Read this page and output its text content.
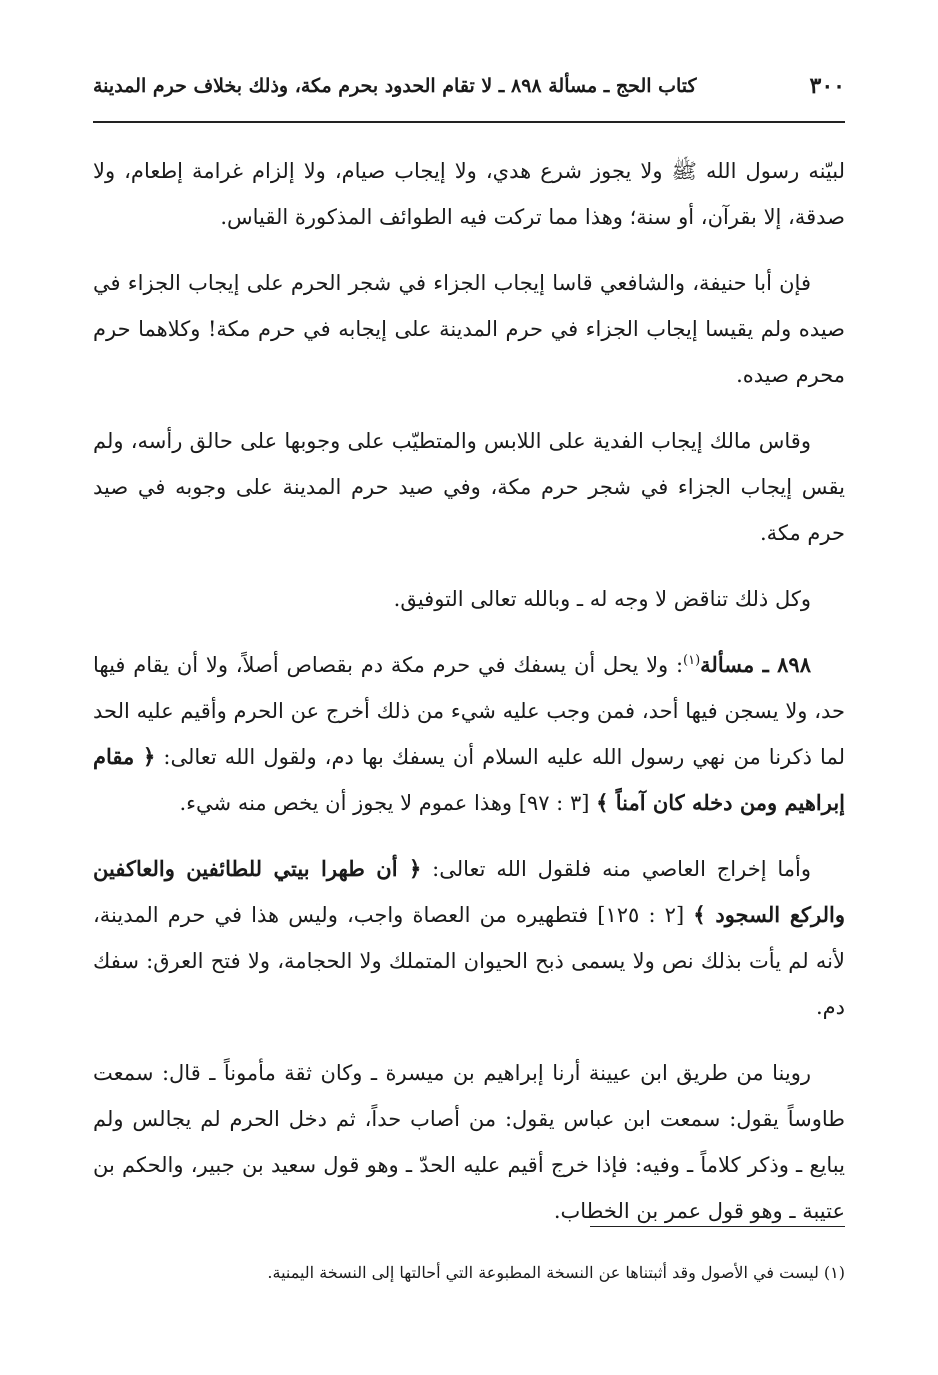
٣٠٠
كتاب الحج ـ مسألة ٨٩٨ ـ لا تقام الحدود بحرم مكة، وذلك بخلاف حرم المدينة

لبيّنه رسول الله ﷺ ولا يجوز شرع هدي، ولا إيجاب صيام، ولا إلزام غرامة إطعام، ولا صدقة، إلا بقرآن، أو سنة؛ وهذا مما تركت فيه الطوائف المذكورة القياس.

فإن أبا حنيفة، والشافعي قاسا إيجاب الجزاء في شجر الحرم على إيجاب الجزاء في صيده ولم يقيسا إيجاب الجزاء في حرم المدينة على إيجابه في حرم مكة! وكلاهما حرم محرم صيده.

وقاس مالك إيجاب الفدية على اللابس والمتطيّب على وجوبها على حالق رأسه، ولم يقس إيجاب الجزاء في شجر حرم مكة، وفي صيد حرم المدينة على وجوبه في صيد حرم مكة.

وكل ذلك تناقض لا وجه له ـ وبالله تعالى التوفيق.

٨٩٨ ـ مسألة$^{(١)}$: ولا يحل أن يسفك في حرم مكة دم بقصاص أصلاً، ولا أن يقام فيها حد، ولا يسجن فيها أحد، فمن وجب عليه شيء من ذلك أخرج عن الحرم وأقيم عليه الحد لما ذكرنا من نهي رسول الله عليه السلام أن يسفك بها دم، ولقول الله تعالى: ﴿ مقام إبراهيم ومن دخله كان آمناً ﴾ [٣ : ٩٧] وهذا عموم لا يجوز أن يخص منه شيء.

وأما إخراج العاصي منه فلقول الله تعالى: ﴿ أن طهرا بيتي للطائفين والعاكفين والركع السجود ﴾ [٢ : ١٢٥] فتطهيره من العصاة واجب، وليس هذا في حرم المدينة، لأنه لم يأت بذلك نص ولا يسمى ذبح الحيوان المتملك ولا الحجامة، ولا فتح العرق: سفك دم.

روينا من طريق ابن عيينة أرنا إبراهيم بن ميسرة ـ وكان ثقة مأموناً ـ قال: سمعت طاوساً يقول: سمعت ابن عباس يقول: من أصاب حداً، ثم دخل الحرم لم يجالس ولم يبايع ـ وذكر كلاماً ـ وفيه: فإذا خرج أقيم عليه الحدّ ـ وهو قول سعيد بن جبير، والحكم بن عتيبة ـ وهو قول عمر بن الخطاب.

(١) ليست في الأصول وقد أثبتناها عن النسخة المطبوعة التي أحالتها إلى النسخة اليمنية.
